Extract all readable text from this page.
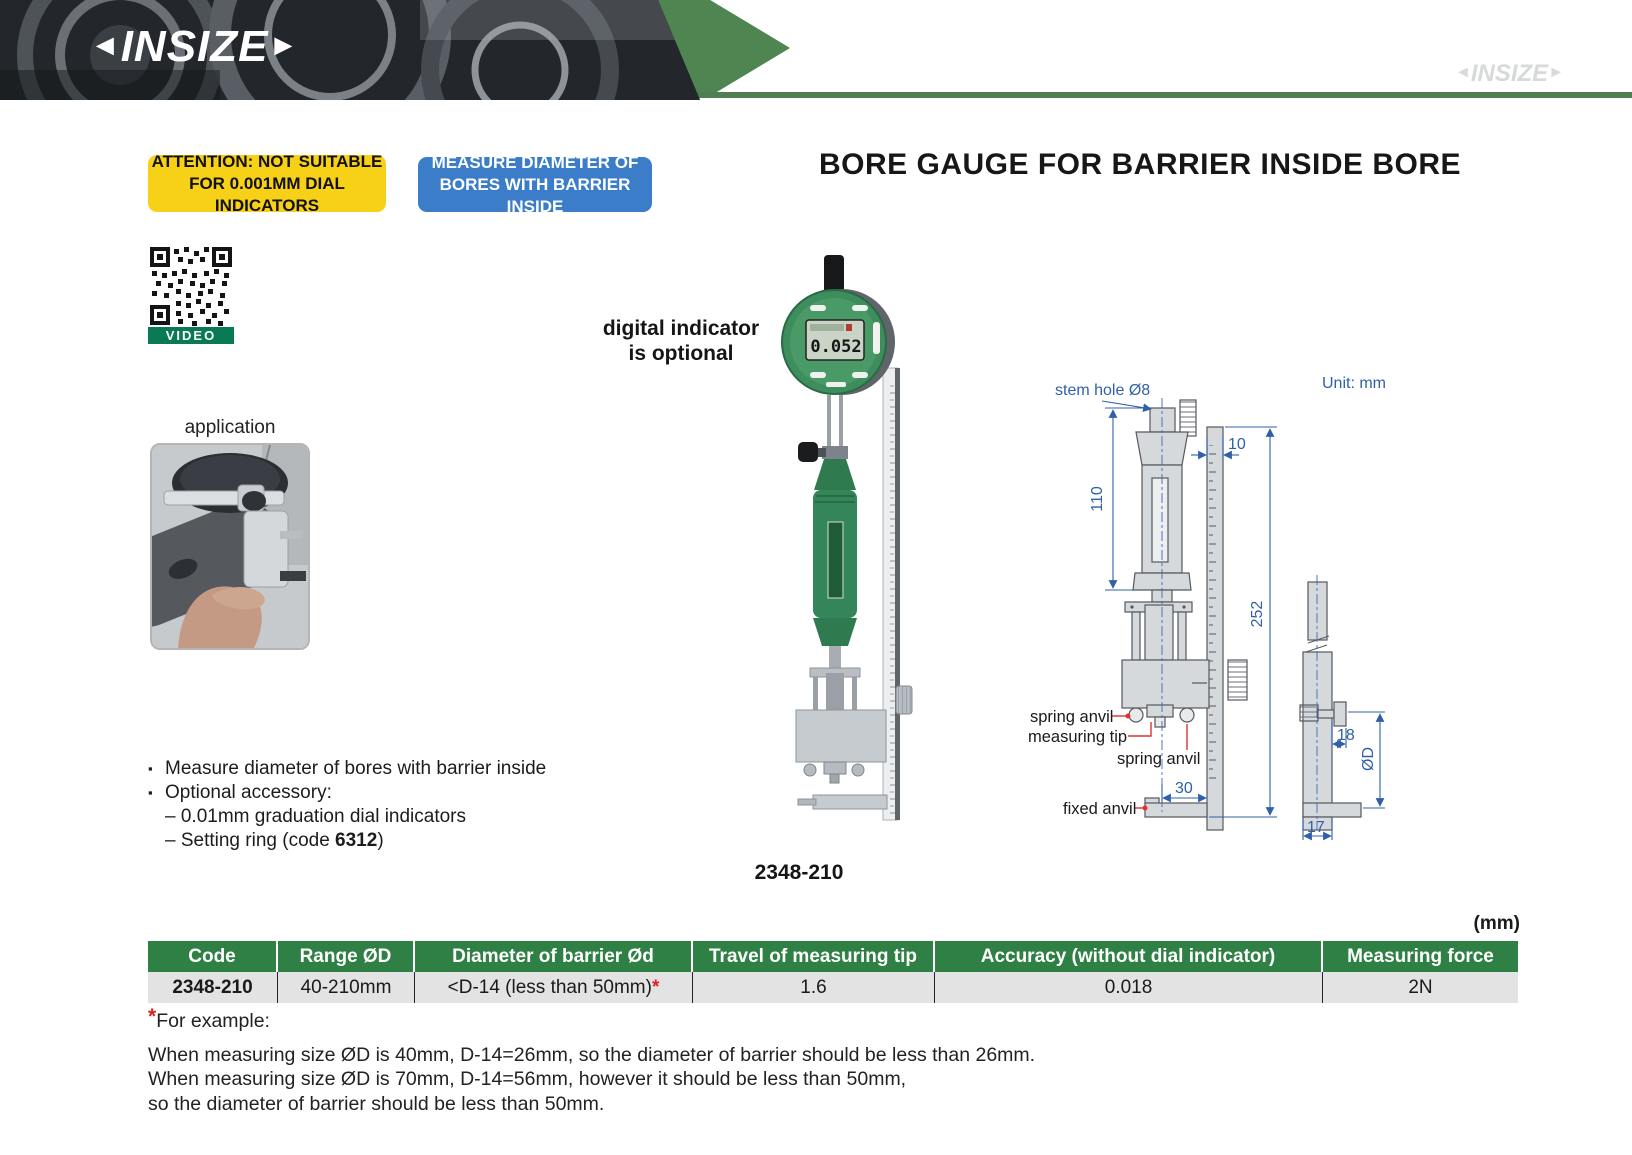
◄INSIZE►
◄INSIZE►
ATTENTION: NOT SUITABLE
FOR 0.001MM DIAL INDICATORS
MEASURE DIAMETER OF
BORES WITH BARRIER INSIDE
BORE GAUGE FOR BARRIER INSIDE BORE
VIDEO
application
digital indicator
is optional	0.052
2348-210
Unit: mm
stem hole Ø8
110
10
252
30
18
ØD
17
spring anvil
measuring tip
spring anvil
fixed anvil
▪ Measure diameter of bores with barrier inside
▪ Optional accessory:
– 0.01mm graduation dial indicators
– Setting ring (code 6312)
(mm)
Code	Range ØD	Diameter of barrier Ød	Travel of measuring tip	Accuracy (without dial indicator)	Measuring force
2348-210	40-210mm	<D-14 (less than 50mm) *	1.6	0.018	2N
*For example:
When measuring size ØD is 40mm, D-14=26mm, so the diameter of barrier should be less than 26mm.
When measuring size ØD is 70mm, D-14=56mm, however it should be less than 50mm,
so the diameter of barrier should be less than 50mm.
